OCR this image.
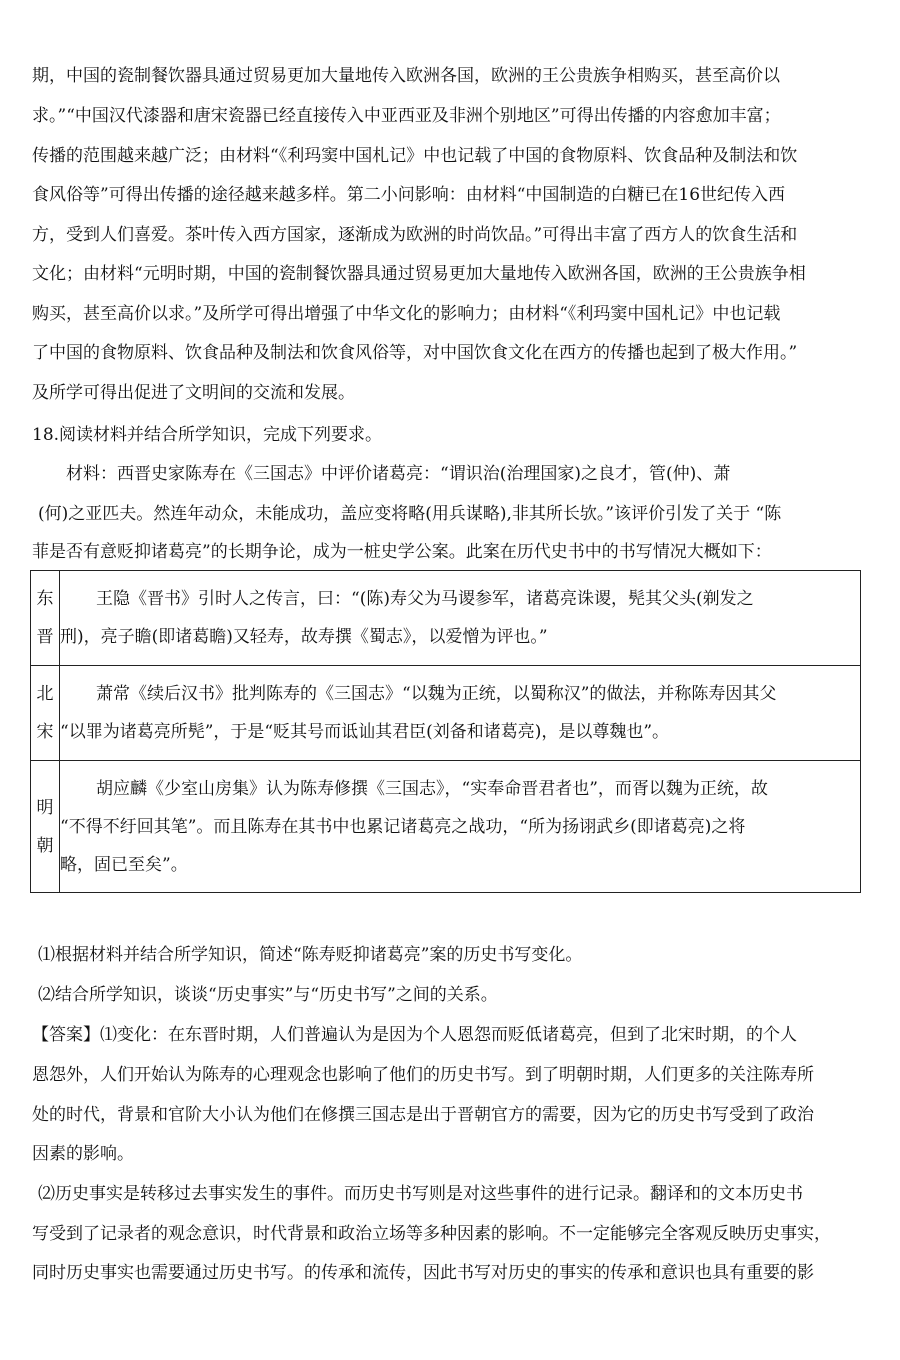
期，中国的瓷制餐饮器具通过贸易更加大量地传入欧洲各国，欧洲的王公贵族争相购买，甚至高价以
求。”“中国汉代漆器和唐宋瓷器已经直接传入中亚西亚及非洲个别地区”可得出传播的内容愈加丰富；
传播的范围越来越广泛；由材料“《利玛窦中国札记》中也记载了中国的食物原料、饮食品种及制法和饮
食风俗等”可得出传播的途径越来越多样。第二小问影响：由材料“中国制造的白糖已在16世纪传入西
方，受到人们喜爱。茶叶传入西方国家，逐渐成为欧洲的时尚饮品。”可得出丰富了西方人的饮食生活和
文化；由材料“元明时期，中国的瓷制餐饮器具通过贸易更加大量地传入欧洲各国，欧洲的王公贵族争相
购买，甚至高价以求。”及所学可得出增强了中华文化的影响力；由材料“《利玛窦中国札记》中也记载
了中国的食物原料、饮食品种及制法和饮食风俗等，对中国饮食文化在西方的传播也起到了极大作用。”
及所学可得出促进了文明间的交流和发展。
18.阅读材料并结合所学知识，完成下列要求。
材料：西晋史家陈寿在《三国志》中评价诸葛亮：“谓识治(治理国家)之良才，管(仲)、萧
(何)之亚匹夫。然连年动众，未能成功，盖应变将略(用兵谋略),非其所长欤。”该评价引发了关于 “陈
菲是否有意贬抑诸葛亮”的长期争论，成为一桩史学公案。此案在历代史书中的书写情况大概如下：
东
晋	王隐《晋书》引时人之传言，曰：“(陈)寿父为马谡参军，诸葛亮诛谡，髡其父头(剃发之
刑)，亮子瞻(即诸葛瞻)又轻寿，故寿撰《蜀志》，以爱憎为评也。”

北
宋	萧常《续后汉书》批判陈寿的《三国志》“以魏为正统，以蜀称汉”的做法，并称陈寿因其父
“以罪为诸葛亮所髡”，于是“贬其号而诋讪其君臣(刘备和诸葛亮)，是以尊魏也”。

明
朝	胡应麟《少室山房集》认为陈寿修撰《三国志》，“实奉命晋君者也”，而胥以魏为正统，故
“不得不纡回其笔”。而且陈寿在其书中也累记诸葛亮之战功，“所为扬诩武乡(即诸葛亮)之将
略，固已至矣”。
⑴根据材料并结合所学知识，简述“陈寿贬抑诸葛亮”案的历史书写变化。
⑵结合所学知识，谈谈“历史事实”与“历史书写”之间的关系。
【答案】⑴变化：在东晋时期，人们普遍认为是因为个人恩怨而贬低诸葛亮，但到了北宋时期，的个人
恩怨外，人们开始认为陈寿的心理观念也影响了他们的历史书写。到了明朝时期，人们更多的关注陈寿所
处的时代，背景和官阶大小认为他们在修撰三国志是出于晋朝官方的需要，因为它的历史书写受到了政治
因素的影响。
⑵历史事实是转移过去事实发生的事件。而历史书写则是对这些事件的进行记录。翻译和的文本历史书
写受到了记录者的观念意识，时代背景和政治立场等多种因素的影响。不一定能够完全客观反映历史事实，
同时历史事实也需要通过历史书写。的传承和流传，因此书写对历史的事实的传承和意识也具有重要的影
